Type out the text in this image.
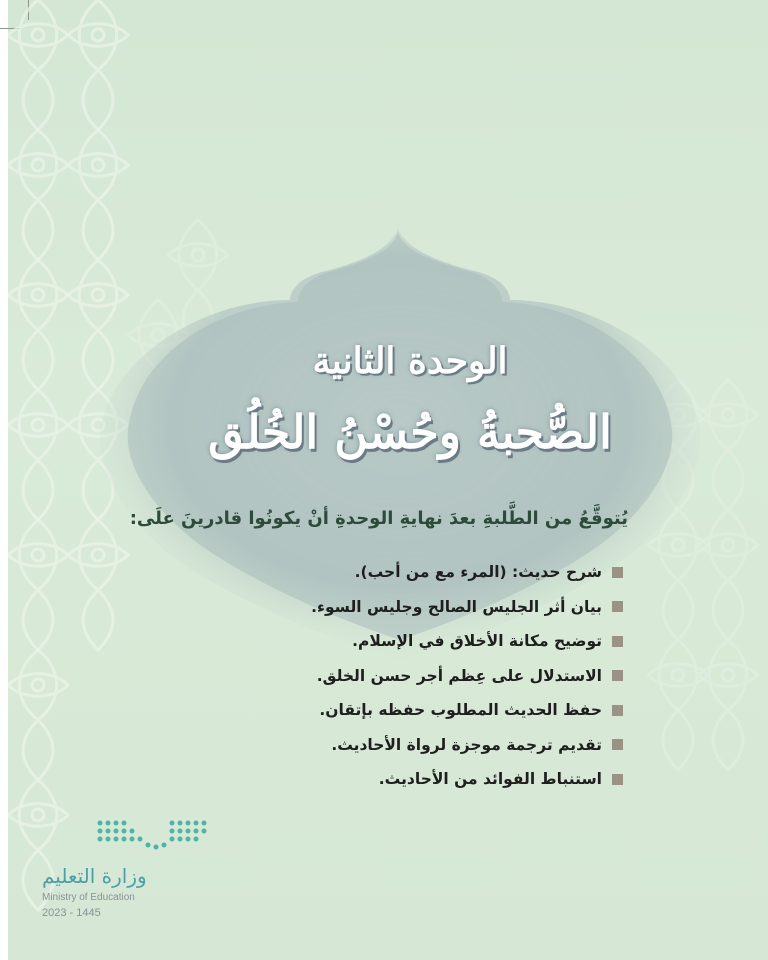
الوحدة الثانية
الصُّحبةُ وحُسْنُ الخُلُق
يُتوقَّعُ من الطَّلبةِ بعدَ نهايةِ الوحدةِ أنْ يكونُوا قادرينَ علَى:
شرح حديث: (المرء مع من أحب).
بيان أثر الجليس الصالح وجليس السوء.
توضيح مكانة الأخلاق في الإسلام.
الاستدلال على عِظم أجر حسن الخلق.
حفظ الحديث المطلوب حفظه بإتقان.
تقديم ترجمة موجزة لرواة الأحاديث.
استنباط الفوائد من الأحاديث.
وزارة التعليم
Ministry of Education
2023 - 1445
